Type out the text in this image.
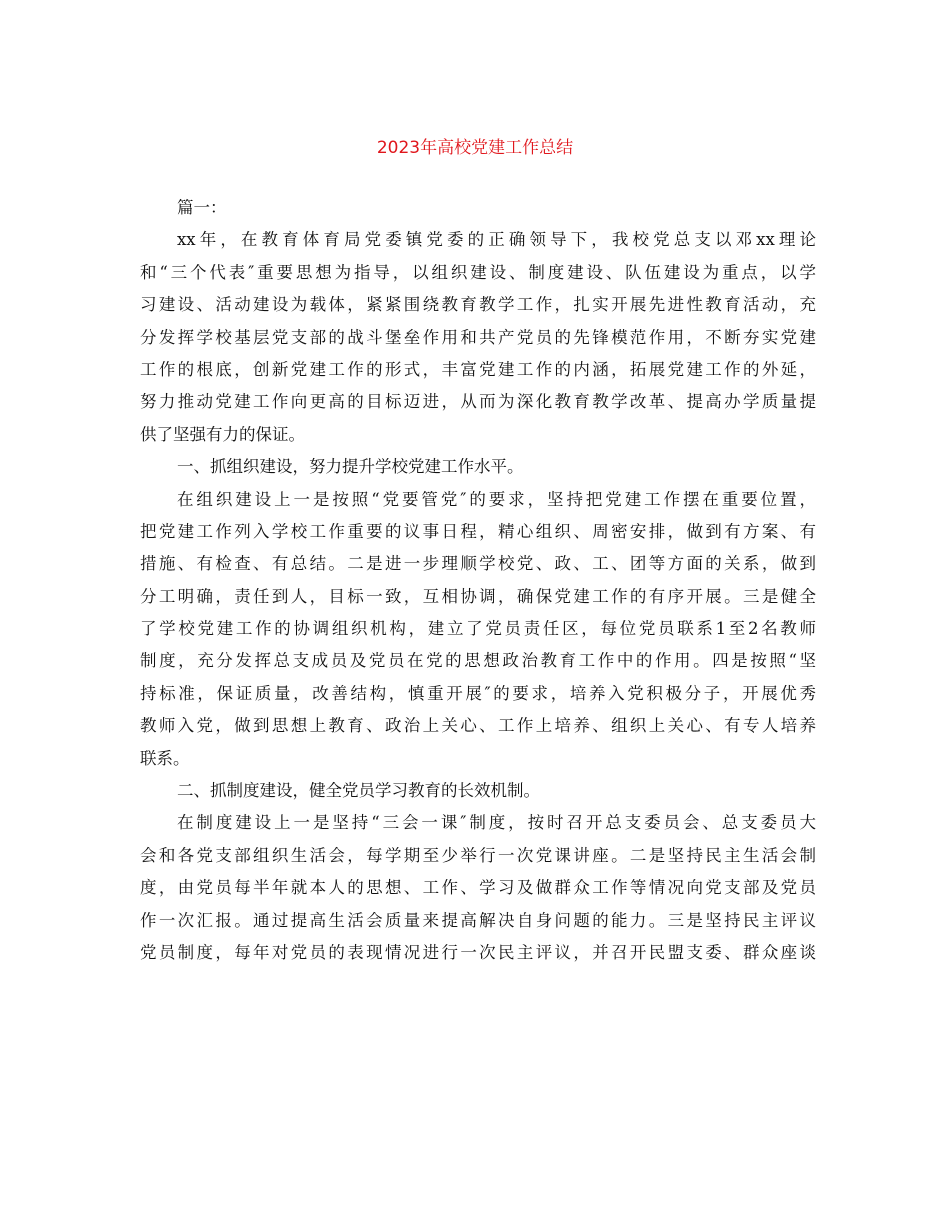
2023年高校党建工作总结
篇一：
xx年，在教育体育局党委镇党委的正确领导下，我校党总支以邓xx理论
和“三个代表″重要思想为指导，以组织建设、制度建设、队伍建设为重点，以学
习建设、活动建设为载体，紧紧围绕教育教学工作，扎实开展先进性教育活动，充
分发挥学校基层党支部的战斗堡垒作用和共产党员的先锋模范作用，不断夯实党建
工作的根底，创新党建工作的形式，丰富党建工作的内涵，拓展党建工作的外延，
努力推动党建工作向更高的目标迈进，从而为深化教育教学改革、提高办学质量提
供了坚强有力的保证。
一、抓组织建设，努力提升学校党建工作水平。
在组织建设上一是按照“党要管党″的要求，坚持把党建工作摆在重要位置，
把党建工作列入学校工作重要的议事日程，精心组织、周密安排，做到有方案、有
措施、有检查、有总结。二是进一步理顺学校党、政、工、团等方面的关系，做到
分工明确，责任到人，目标一致，互相协调，确保党建工作的有序开展。三是健全
了学校党建工作的协调组织机构，建立了党员责任区，每位党员联系1至2名教师
制度，充分发挥总支成员及党员在党的思想政治教育工作中的作用。四是按照“坚
持标准，保证质量，改善结构，慎重开展″的要求，培养入党积极分子，开展优秀
教师入党，做到思想上教育、政治上关心、工作上培养、组织上关心、有专人培养
联系。
二、抓制度建设，健全党员学习教育的长效机制。
在制度建设上一是坚持“三会一课″制度，按时召开总支委员会、总支委员大
会和各党支部组织生活会，每学期至少举行一次党课讲座。二是坚持民主生活会制
度，由党员每半年就本人的思想、工作、学习及做群众工作等情况向党支部及党员
作一次汇报。通过提高生活会质量来提高解决自身问题的能力。三是坚持民主评议
党员制度，每年对党员的表现情况进行一次民主评议，并召开民盟支委、群众座谈
